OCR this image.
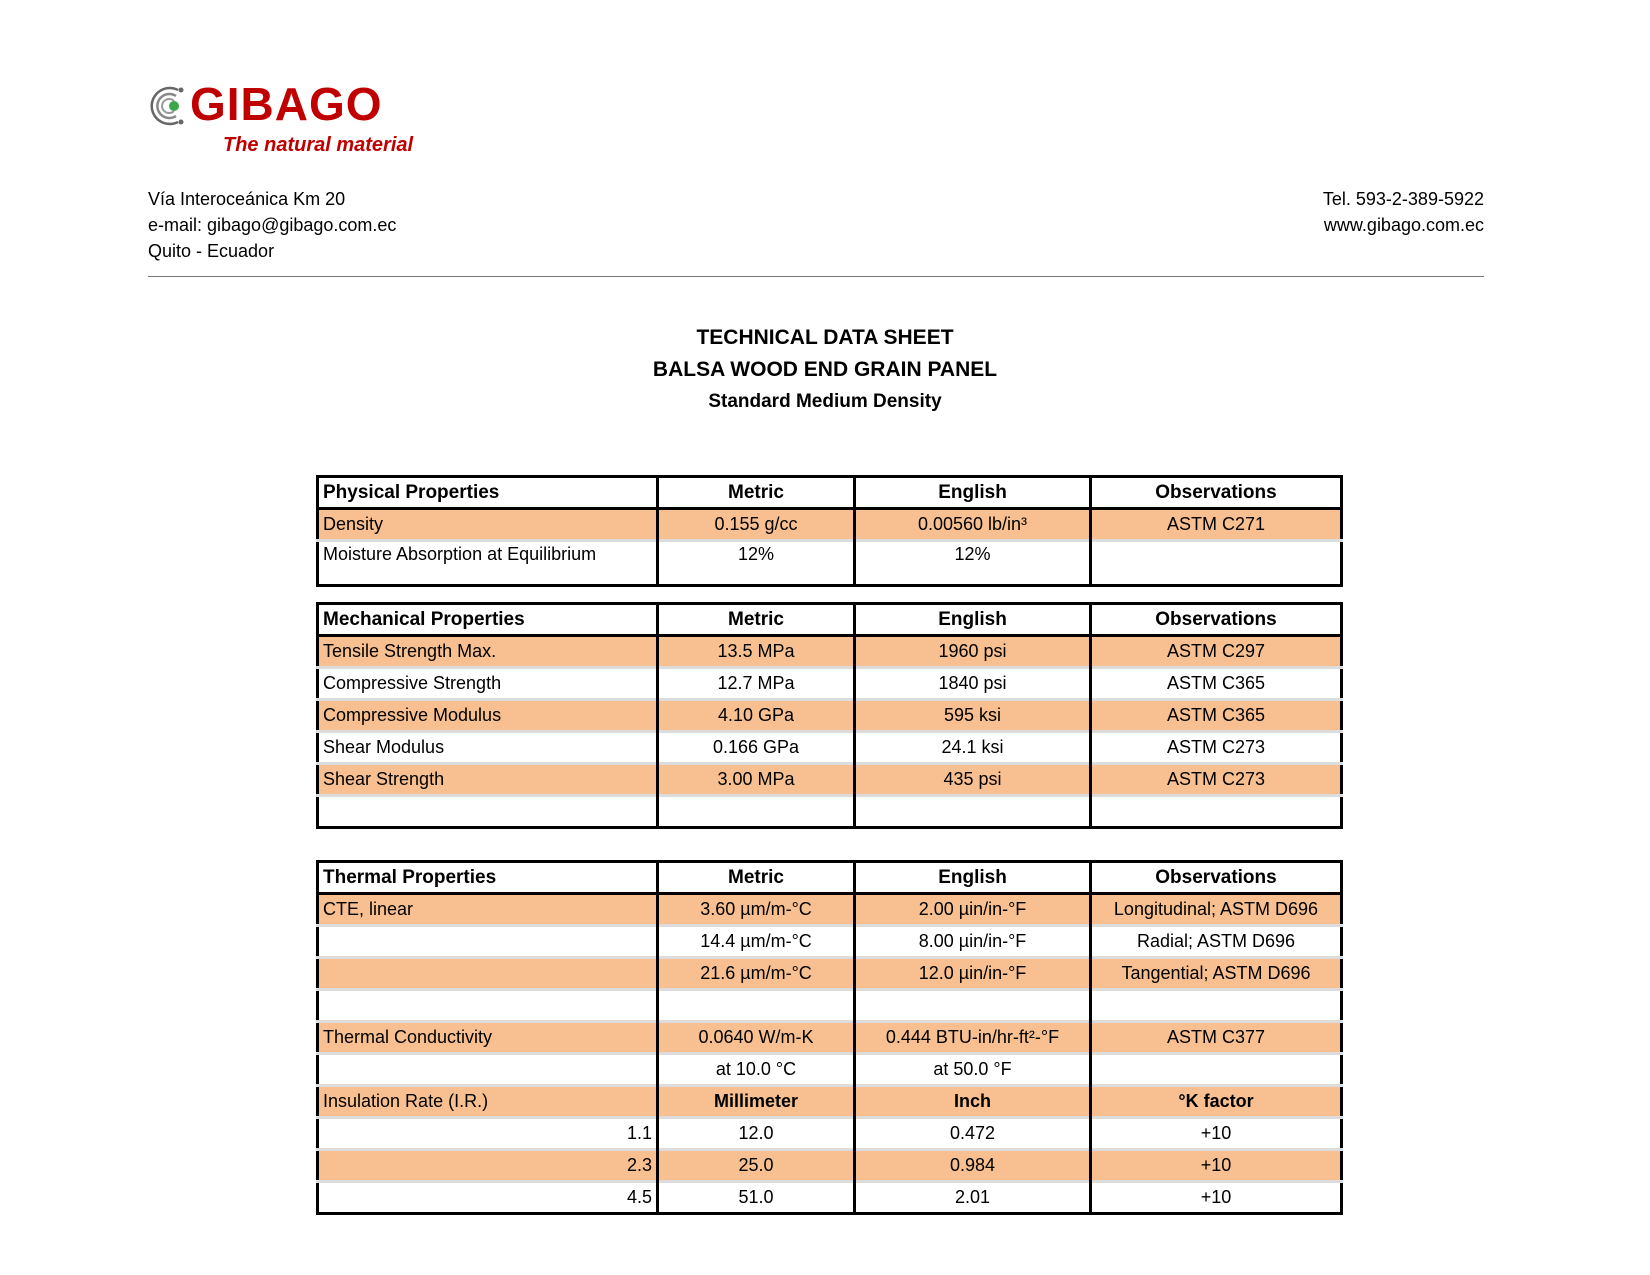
GIBAGO
The natural material
Vía Interoceánica Km 20
e-mail: gibago@gibago.com.ec
Quito - Ecuador
Tel. 593-2-389-5922
www.gibago.com.ec
TECHNICAL DATA SHEET
BALSA WOOD END GRAIN PANEL
Standard Medium Density
Physical Properties	Metric	English	Observations
Density	0.155 g/cc	0.00560 lb/in³	ASTM C271
Moisture Absorption at Equilibrium	12%	12%	
Mechanical Properties	Metric	English	Observations
Tensile Strength Max.	13.5 MPa	1960 psi	ASTM C297
Compressive Strength	12.7 MPa	1840 psi	ASTM C365
Compressive Modulus	4.10 GPa	595 ksi	ASTM C365
Shear Modulus	0.166 GPa	24.1 ksi	ASTM C273
Shear Strength	3.00 MPa	435 psi	ASTM C273

Thermal Properties	Metric	English	Observations
CTE, linear	3.60 µm/m-°C	2.00 µin/in-°F	Longitudinal; ASTM D696
	14.4 µm/m-°C	8.00 µin/in-°F	Radial; ASTM D696
	21.6 µm/m-°C	12.0 µin/in-°F	Tangential; ASTM D696

Thermal Conductivity	0.0640 W/m-K	0.444 BTU-in/hr-ft²-°F	ASTM C377
	at 10.0 °C	at 50.0 °F	
Insulation Rate (I.R.)	Millimeter	Inch	°K factor
1.1	12.0	0.472	+10
2.3	25.0	0.984	+10
4.5	51.0	2.01	+10
